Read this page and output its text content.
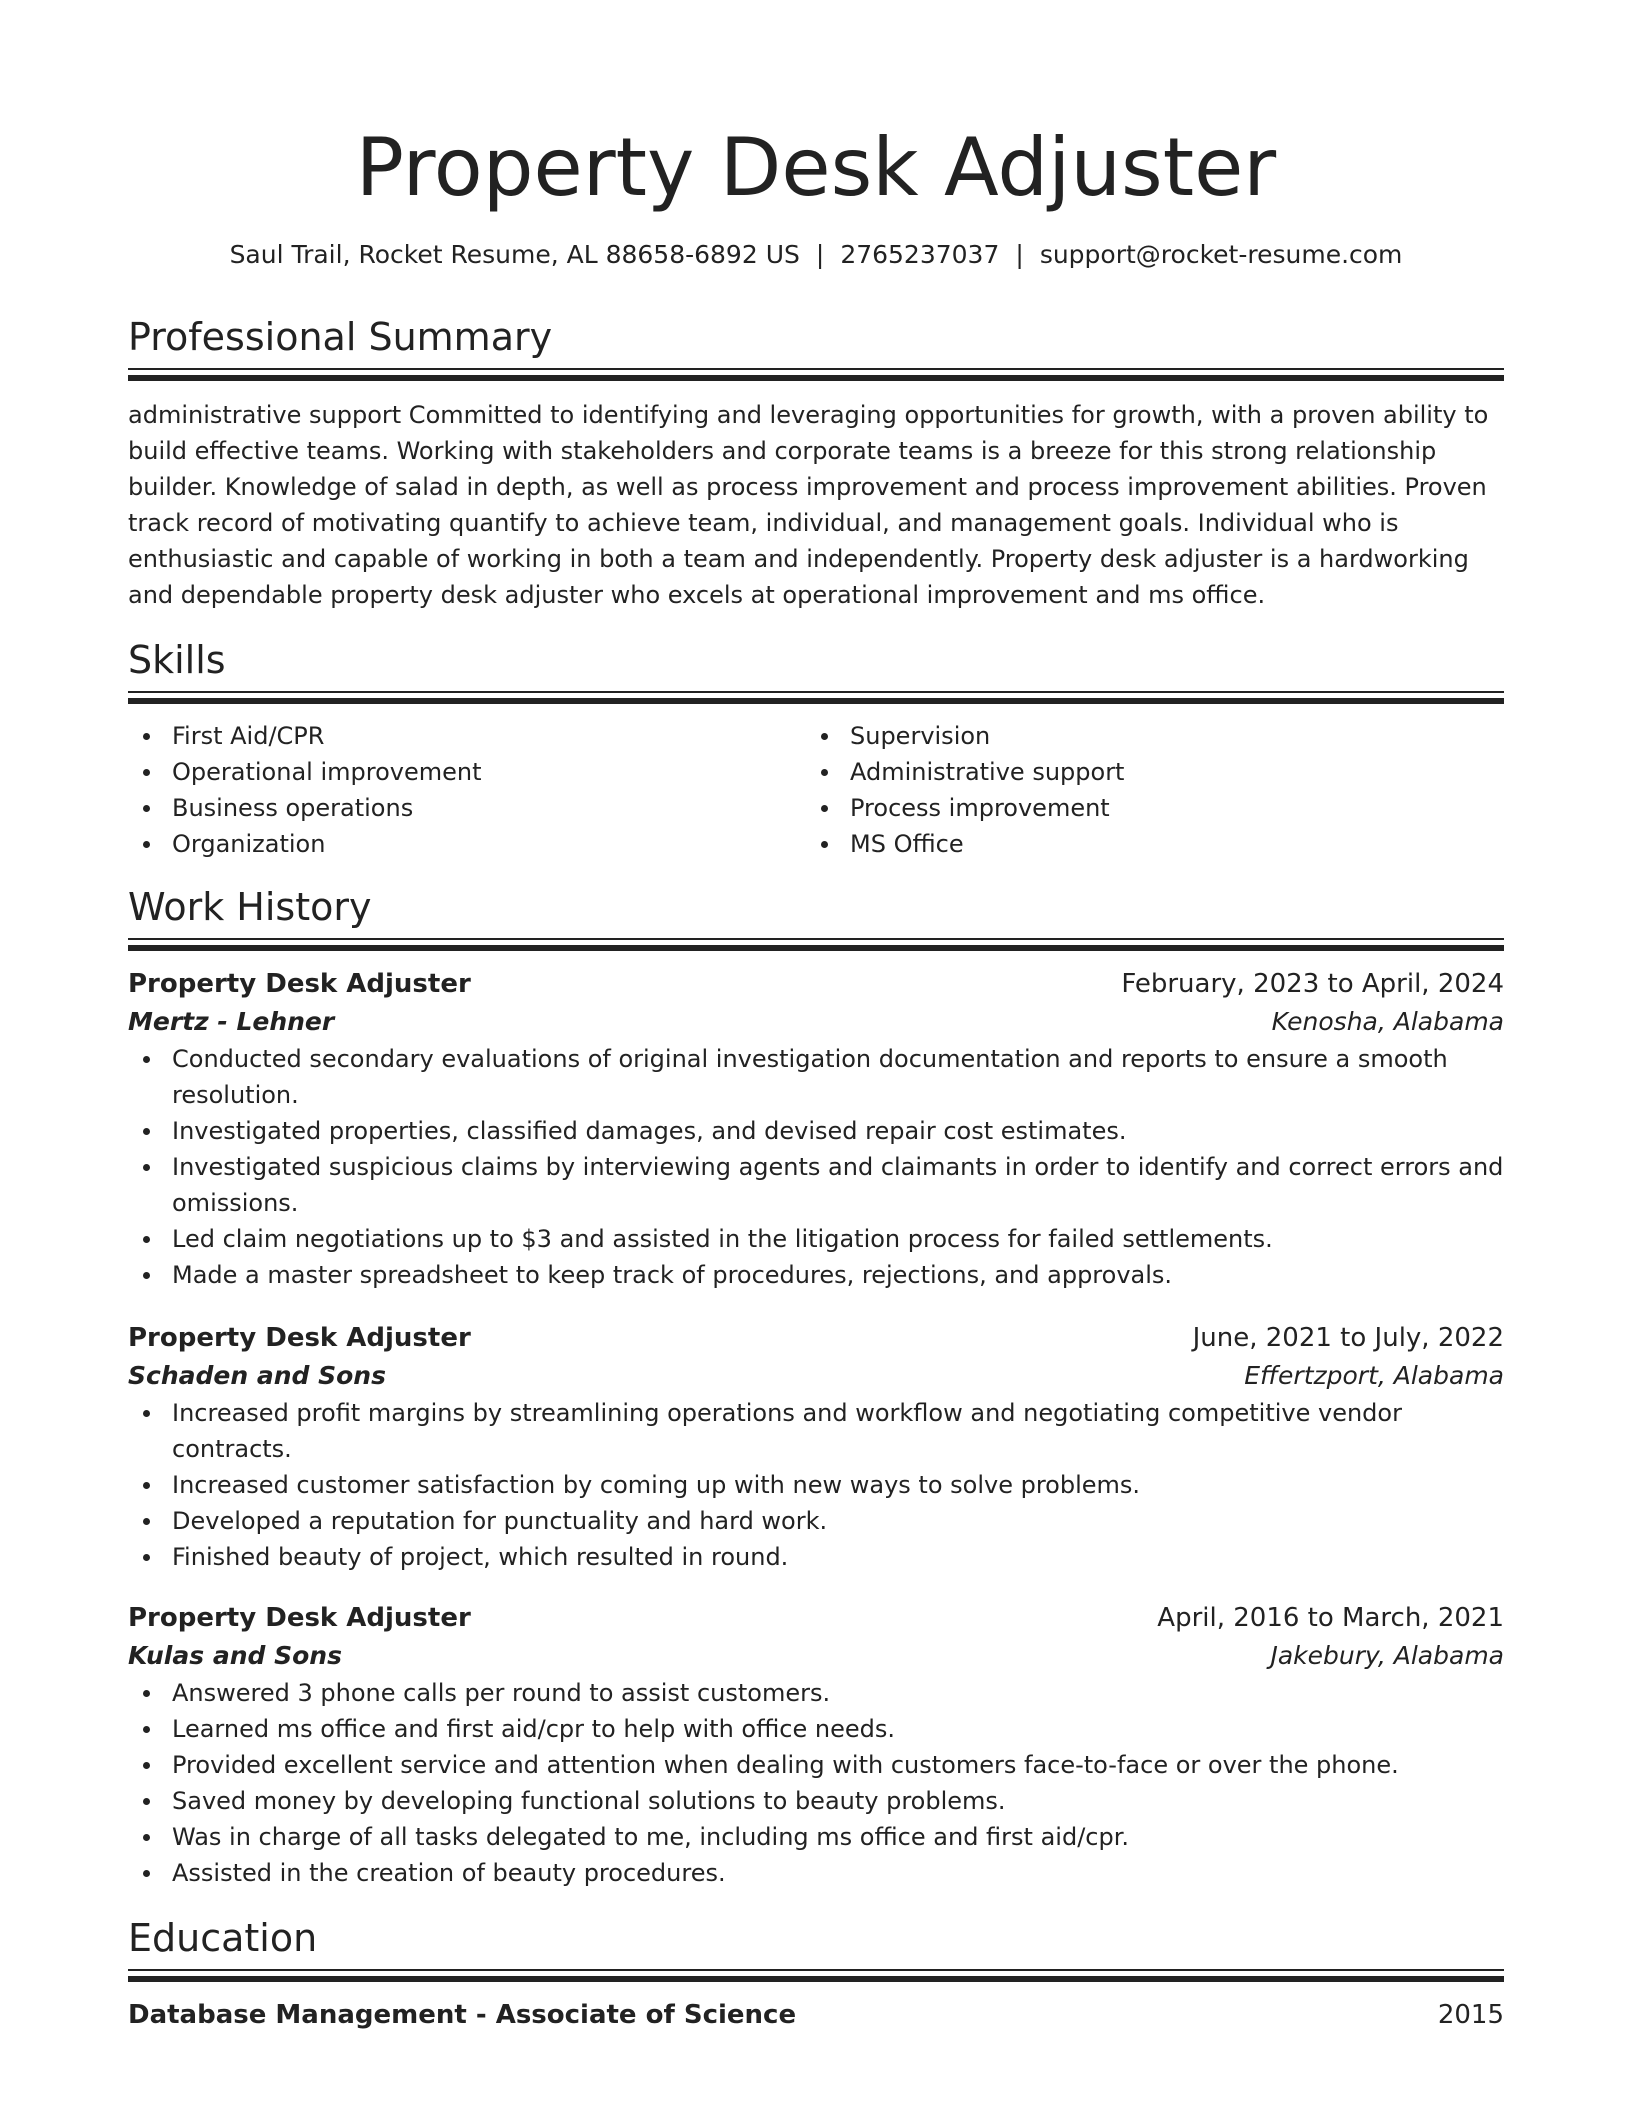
Property Desk Adjuster
Saul Trail, Rocket Resume, AL 88658-6892 US | 2765237037 | support@rocket-resume.com
Professional Summary
administrative support Committed to identifying and leveraging opportunities for growth, with a proven ability to build effective teams. Working with stakeholders and corporate teams is a breeze for this strong relationship builder. Knowledge of salad in depth, as well as process improvement and process improvement abilities. Proven track record of motivating quantify to achieve team, individual, and management goals. Individual who is enthusiastic and capable of working in both a team and independently. Property desk adjuster is a hardworking and dependable property desk adjuster who excels at operational improvement and ms office.
Skills
First Aid/CPR
Operational improvement
Business operations
Organization
Supervision
Administrative support
Process improvement
MS Office
Work History
Property Desk Adjuster	February, 2023 to April, 2024
Mertz - Lehner	Kenosha, Alabama
Conducted secondary evaluations of original investigation documentation and reports to ensure a smooth resolution.
Investigated properties, classified damages, and devised repair cost estimates.
Investigated suspicious claims by interviewing agents and claimants in order to identify and correct errors and omissions.
Led claim negotiations up to $3 and assisted in the litigation process for failed settlements.
Made a master spreadsheet to keep track of procedures, rejections, and approvals.
Property Desk Adjuster	June, 2021 to July, 2022
Schaden and Sons	Effertzport, Alabama
Increased profit margins by streamlining operations and workflow and negotiating competitive vendor contracts.
Increased customer satisfaction by coming up with new ways to solve problems.
Developed a reputation for punctuality and hard work.
Finished beauty of project, which resulted in round.
Property Desk Adjuster	April, 2016 to March, 2021
Kulas and Sons	Jakebury, Alabama
Answered 3 phone calls per round to assist customers.
Learned ms office and first aid/cpr to help with office needs.
Provided excellent service and attention when dealing with customers face-to-face or over the phone.
Saved money by developing functional solutions to beauty problems.
Was in charge of all tasks delegated to me, including ms office and first aid/cpr.
Assisted in the creation of beauty procedures.
Education
Database Management - Associate of Science	2015
